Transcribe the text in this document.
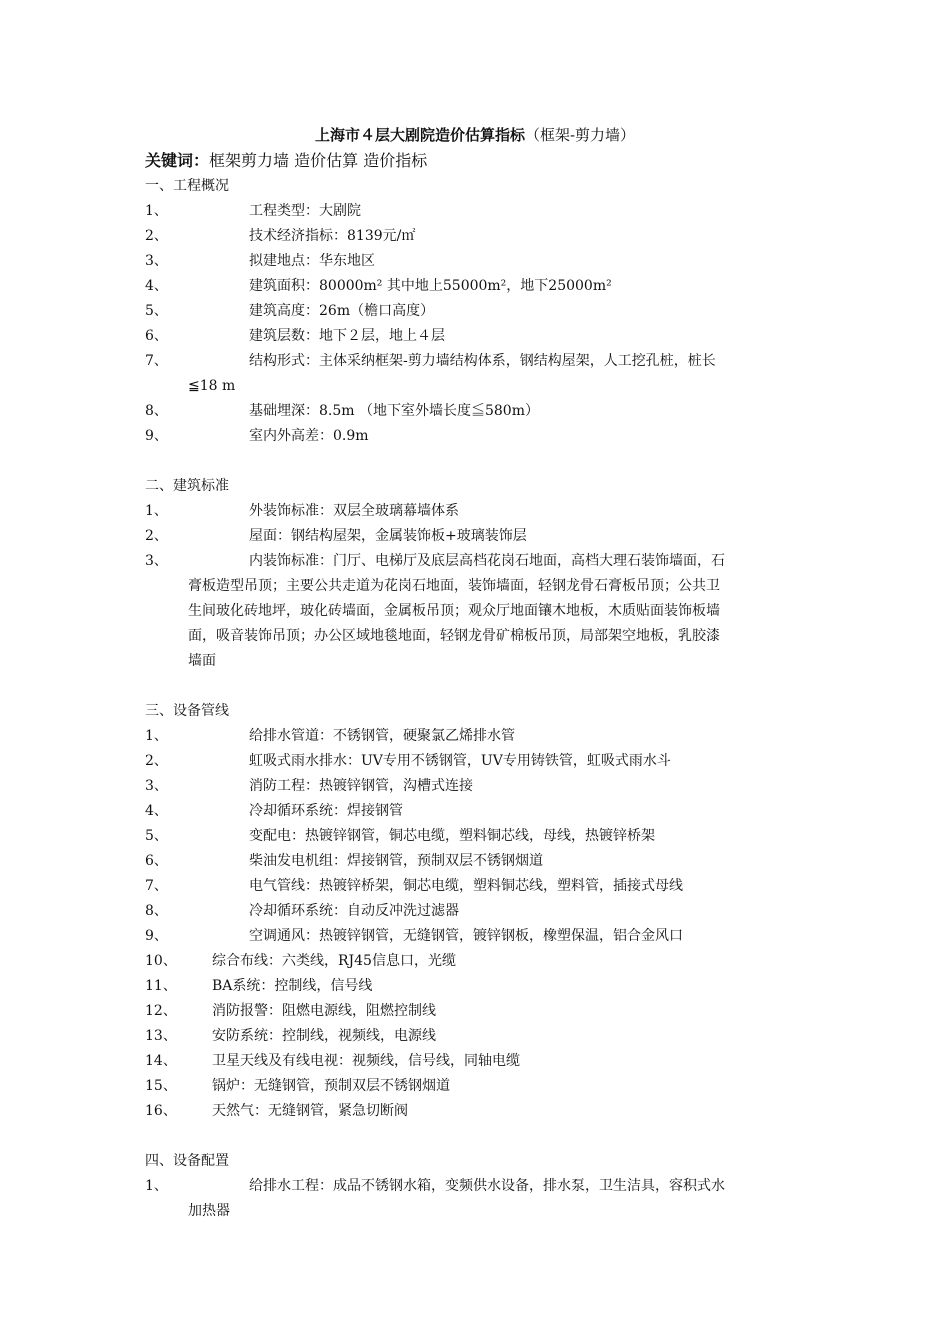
上海市４层大剧院造价估算指标（框架-剪力墙）
关键词：框架剪力墙 造价估算 造价指标
一、工程概况
1、	工程类型：大剧院
2、	技术经济指标：8139元/㎡
3、	拟建地点：华东地区
4、	建筑面积：80000m² 其中地上55000m²，地下25000m²
5、	建筑高度：26m（檐口高度）
6、	建筑层数：地下２层，地上４层
7、	结构形式：主体采纳框架-剪力墙结构体系，钢结构屋架，人工挖孔桩，桩长
≦18 m
8、	基础埋深：8.5m （地下室外墙长度≦580m）
9、	室内外高差：0.9m
二、建筑标准
1、	外装饰标准：双层全玻璃幕墙体系
2、	屋面：钢结构屋架，金属装饰板+玻璃装饰层
3、	内装饰标准：门厅、电梯厅及底层高档花岗石地面，高档大理石装饰墙面，石
膏板造型吊顶；主要公共走道为花岗石地面，装饰墙面，轻钢龙骨石膏板吊顶；公共卫
生间玻化砖地坪，玻化砖墙面，金属板吊顶；观众厅地面镶木地板，木质贴面装饰板墙
面，吸音装饰吊顶；办公区域地毯地面，轻钢龙骨矿棉板吊顶，局部架空地板，乳胶漆
墙面
三、设备管线
1、	给排水管道：不锈钢管，硬聚氯乙烯排水管
2、	虹吸式雨水排水：UV专用不锈钢管，UV专用铸铁管，虹吸式雨水斗
3、	消防工程：热镀锌钢管，沟槽式连接
4、	冷却循环系统：焊接钢管
5、	变配电：热镀锌钢管，铜芯电缆，塑料铜芯线，母线，热镀锌桥架
6、	柴油发电机组：焊接钢管，预制双层不锈钢烟道
7、	电气管线：热镀锌桥架，铜芯电缆，塑料铜芯线，塑料管，插接式母线
8、	冷却循环系统：自动反冲洗过滤器
9、	空调通风：热镀锌钢管，无缝钢管，镀锌钢板，橡塑保温，铝合金风口
10、	综合布线：六类线，RJ45信息口，光缆
11、	BA系统：控制线，信号线
12、	消防报警：阻燃电源线，阻燃控制线
13、	安防系统：控制线，视频线，电源线
14、	卫星天线及有线电视：视频线，信号线，同轴电缆
15、	锅炉：无缝钢管，预制双层不锈钢烟道
16、	天然气：无缝钢管，紧急切断阀
四、设备配置
1、	给排水工程：成品不锈钢水箱，变频供水设备，排水泵，卫生洁具，容积式水
加热器
